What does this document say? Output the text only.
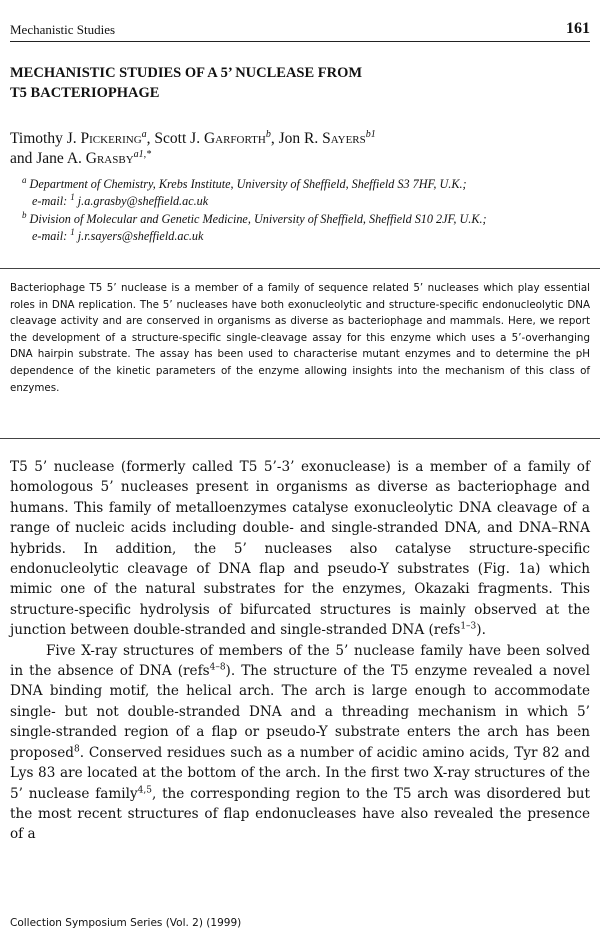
Mechanistic Studies	161
MECHANISTIC STUDIES OF A 5’ NUCLEASE FROM
T5 BACTERIOPHAGE
Timothy J. Pickering$^a$, Scott J. Garforth$^b$, Jon R. Sayers$^{b1}$
and Jane A. Grasby$^{a1,*}$
$^a$ Department of Chemistry, Krebs Institute, University of Sheffield, Sheffield S3 7HF, U.K.;
e-mail: $^1$ j.a.grasby@sheffield.ac.uk
$^b$ Division of Molecular and Genetic Medicine, University of Sheffield, Sheffield S10 2JF, U.K.;
e-mail: $^1$ j.r.sayers@sheffield.ac.uk
Bacteriophage T5 5’ nuclease is a member of a family of sequence related 5’ nucleases which play essential roles in DNA replication. The 5’ nucleases have both exonucleolytic and structure-specific endonucleolytic DNA cleavage activity and are conserved in organisms as diverse as bacteriophage and mammals. Here, we report the development of a structure-specific single-cleavage assay for this enzyme which uses a 5’-overhanging DNA hairpin substrate. The assay has been used to characterise mutant enzymes and to determine the pH dependence of the kinetic parameters of the enzyme allowing insights into the mechanism of this class of enzymes.

T5 5’ nuclease (formerly called T5 5’-3’ exonuclease) is a member of a family of homologous 5’ nucleases present in organisms as diverse as bacteriophage and humans. This family of metalloenzymes catalyse exonucleolytic DNA cleavage of a range of nucleic acids including double- and single-stranded DNA, and DNA–RNA hybrids. In addition, the 5’ nucleases also catalyse structure-specific endonucleolytic cleavage of DNA flap and pseudo-Y substrates (Fig. 1a) which mimic one of the natural substrates for the enzymes, Okazaki fragments. This structure-specific hydrolysis of bifurcated structures is mainly observed at the junction between double-stranded and single-stranded DNA (refs$^{1-3}$).

Five X-ray structures of members of the 5’ nuclease family have been solved in the absence of DNA (refs$^{4-8}$). The structure of the T5 enzyme revealed a novel DNA binding motif, the helical arch. The arch is large enough to accommodate single- but not double-stranded DNA and a threading mechanism in which 5’ single-stranded region of a flap or pseudo-Y substrate enters the arch has been proposed$^8$. Conserved residues such as a number of acidic amino acids, Tyr 82 and Lys 83 are located at the bottom of the arch. In the first two X-ray structures of the 5’ nuclease family$^{4,5}$, the corresponding region to the T5 arch was disordered but the most recent structures of flap endonucleases have also revealed the presence of a

Collection Symposium Series (Vol. 2) (1999)
